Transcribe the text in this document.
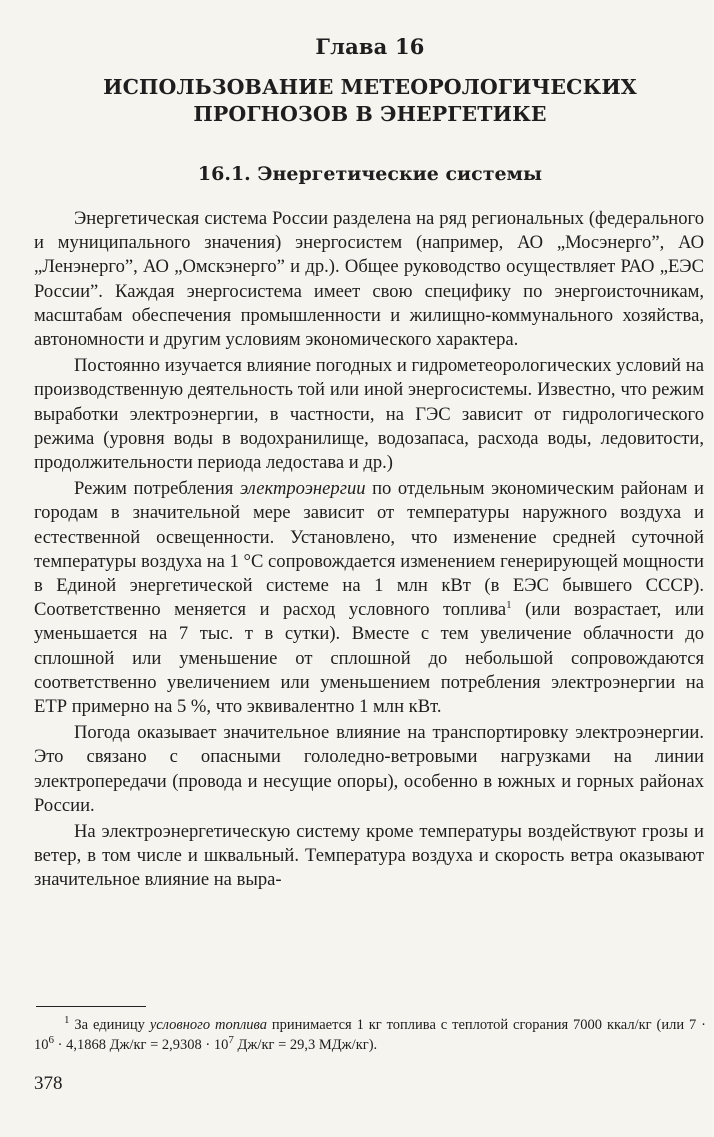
Глава 16
ИСПОЛЬЗОВАНИЕ МЕТЕОРОЛОГИЧЕСКИХ
ПРОГНОЗОВ В ЭНЕРГЕТИКЕ
16.1. Энергетические системы

Энергетическая система России разделена на ряд региональных (федерального и муниципального значения) энергосистем (например, АО „Мосэнерго”, АО „Ленэнерго”, АО „Омскэнерго” и др.). Общее руководство осуществляет РАО „ЕЭС России”. Каждая энергосистема имеет свою специфику по энергоисточникам, масштабам обеспечения промышленности и жилищно-коммунального хозяйства, автономности и другим условиям экономического характера.

Постоянно изучается влияние погодных и гидрометеорологических условий на производственную деятельность той или иной энергосистемы. Известно, что режим выработки электроэнергии, в частности, на ГЭС зависит от гидрологического режима (уровня воды в водохранилище, водозапаса, расхода воды, ледовитости, продолжительности периода ледостава и др.)

Режим потребления электроэнергии по отдельным экономическим районам и городам в значительной мере зависит от температуры наружного воздуха и естественной освещенности. Установлено, что изменение средней суточной температуры воздуха на 1 °С сопровождается изменением генерирующей мощности в Единой энергетической системе на 1 млн кВт (в ЕЭС бывшего СССР). Соответственно меняется и расход условного топлива$^1$ (или возрастает, или уменьшается на 7 тыс. т в сутки). Вместе с тем увеличение облачности до сплошной или уменьшение от сплошной до небольшой сопровождаются соответственно увеличением или уменьшением потребления электроэнергии на ЕТР примерно на 5 %, что эквивалентно 1 млн кВт.

Погода оказывает значительное влияние на транспортировку электроэнергии. Это связано с опасными гололедно-ветровыми нагрузками на линии электропередачи (провода и несущие опоры), особенно в южных и горных районах России.

На электроэнергетическую систему кроме температуры воздействуют грозы и ветер, в том числе и шквальный. Температура воздуха и скорость ветра оказывают значительное влияние на выра-

$^1$ За единицу условного топлива принимается 1 кг топлива с теплотой сгорания 7000 ккал/кг (или $7 \cdot 10^6 \cdot 4,1868$ $Дж/кг = 2,9308 \cdot 10^7$ Дж/кг = 29,3 МДж/кг).
378
